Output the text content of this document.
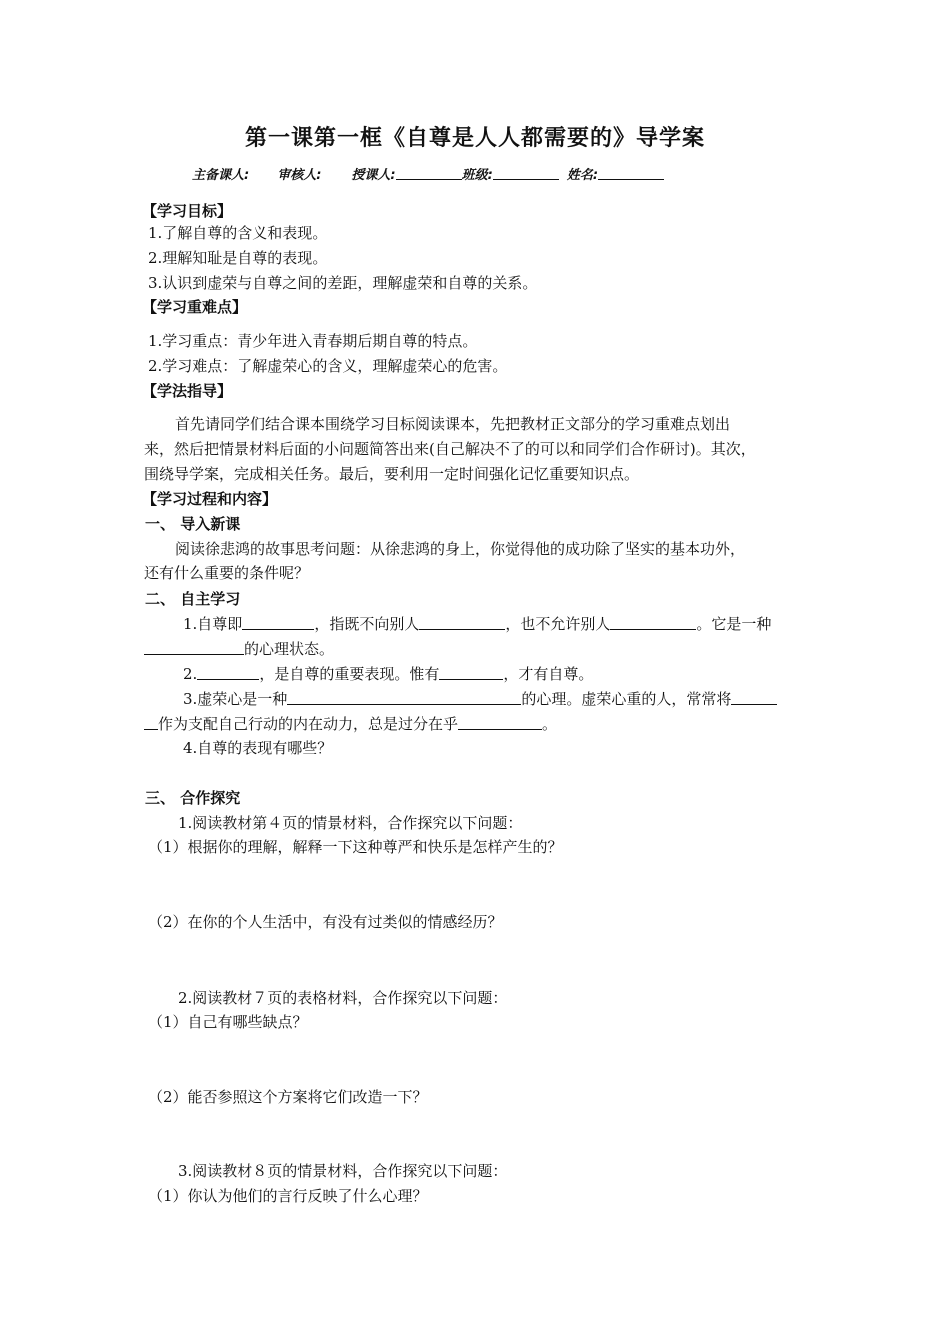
第一课第一框《自尊是人人都需要的》导学案
主备课人: 审核人: 授课人:	班级:	姓名:
【学习目标】
1.了解自尊的含义和表现。
2.理解知耻是自尊的表现。
3.认识到虚荣与自尊之间的差距，理解虚荣和自尊的关系。
【学习重难点】
1.学习重点：青少年进入青春期后期自尊的特点。
2.学习难点：了解虚荣心的含义，理解虚荣心的危害。
【学法指导】
首先请同学们结合课本围绕学习目标阅读课本，先把教材正文部分的学习重难点划出
来，然后把情景材料后面的小问题简答出来(自己解决不了的可以和同学们合作研讨)。其次，
围绕导学案，完成相关任务。最后，要利用一定时间强化记忆重要知识点。
【学习过程和内容】
一、 导入新课
阅读徐悲鸿的故事思考问题：从徐悲鸿的身上，你觉得他的成功除了坚实的基本功外，
还有什么重要的条件呢？
二、 自主学习
1.自尊即	，指既不向别人	，也不允许别人	。它是一种
的心理状态。
2.	，是自尊的重要表现。惟有	，才有自尊。
3.虚荣心是一种	的心理。虚荣心重的人，常常将
作为支配自己行动的内在动力，总是过分在乎	。
4.自尊的表现有哪些？
三、 合作探究
1.阅读教材第４页的情景材料，合作探究以下问题：
（1）根据你的理解，解释一下这种尊严和快乐是怎样产生的？
（2）在你的个人生活中，有没有过类似的情感经历？
2.阅读教材７页的表格材料，合作探究以下问题：
（1）自己有哪些缺点？
（2）能否参照这个方案将它们改造一下？
3.阅读教材８页的情景材料，合作探究以下问题：
（1）你认为他们的言行反映了什么心理？
